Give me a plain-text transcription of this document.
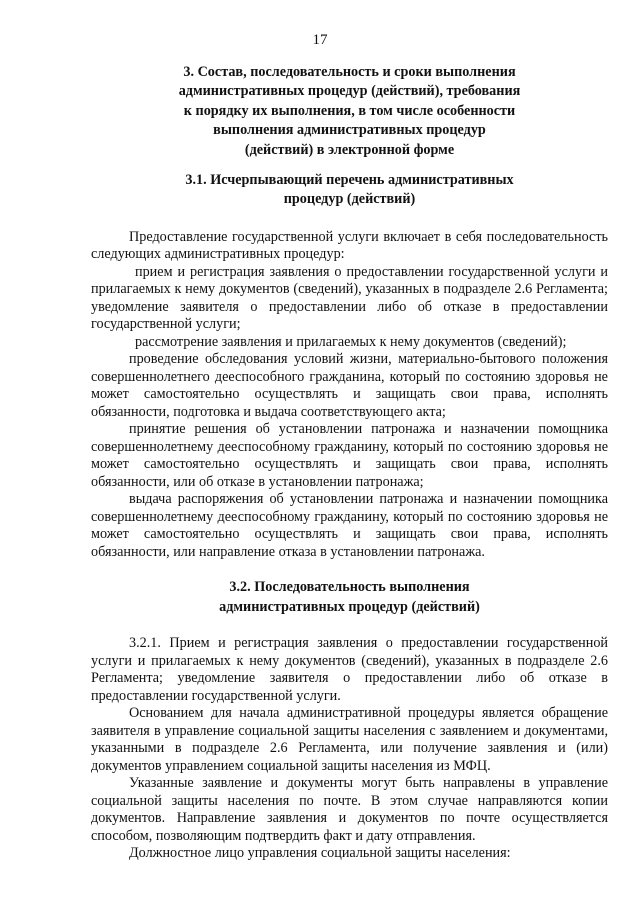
17
3. Состав, последовательность и сроки выполнения
административных процедур (действий), требования
к порядку их выполнения, в том числе особенности
выполнения административных процедур
(действий) в электронной форме
3.1. Исчерпывающий перечень административных
процедур (действий)

Предоставление государственной услуги включает в себя последовательность следующих административных процедур:

прием и регистрация заявления о предоставлении государственной услуги и прилагаемых к нему документов (сведений), указанных в подразделе 2.6 Регламента; уведомление заявителя о предоставлении либо об отказе в предоставлении государственной услуги;

рассмотрение заявления и прилагаемых к нему документов (сведений);

проведение обследования условий жизни, материально-бытового положения совершеннолетнего дееспособного гражданина, который по состоянию здоровья не может самостоятельно осуществлять и защищать свои права, исполнять обязанности, подготовка и выдача соответствующего акта;

принятие решения об установлении патронажа и назначении помощника совершеннолетнему дееспособному гражданину, который по состоянию здоровья не может самостоятельно осуществлять и защищать свои права, исполнять обязанности, или об отказе в установлении патронажа;

выдача распоряжения об установлении патронажа и назначении помощника совершеннолетнему дееспособному гражданину, который по состоянию здоровья не может самостоятельно осуществлять и защищать свои права, исполнять обязанности, или направление отказа в установлении патронажа.

3.2. Последовательность выполнения
административных процедур (действий)

3.2.1. Прием и регистрация заявления о предоставлении государственной услуги и прилагаемых к нему документов (сведений), указанных в подразделе 2.6 Регламента; уведомление заявителя о предоставлении либо об отказе в предоставлении государственной услуги.

Основанием для начала административной процедуры является обращение заявителя в управление социальной защиты населения с заявлением и документами, указанными в подразделе 2.6 Регламента, или получение заявления и (или) документов управлением социальной защиты населения из МФЦ.

Указанные заявление и документы могут быть направлены в управление социальной защиты населения по почте. В этом случае направляются копии документов. Направление заявления и документов по почте осуществляется способом, позволяющим подтвердить факт и дату отправления.

Должностное лицо управления социальной защиты населения:
